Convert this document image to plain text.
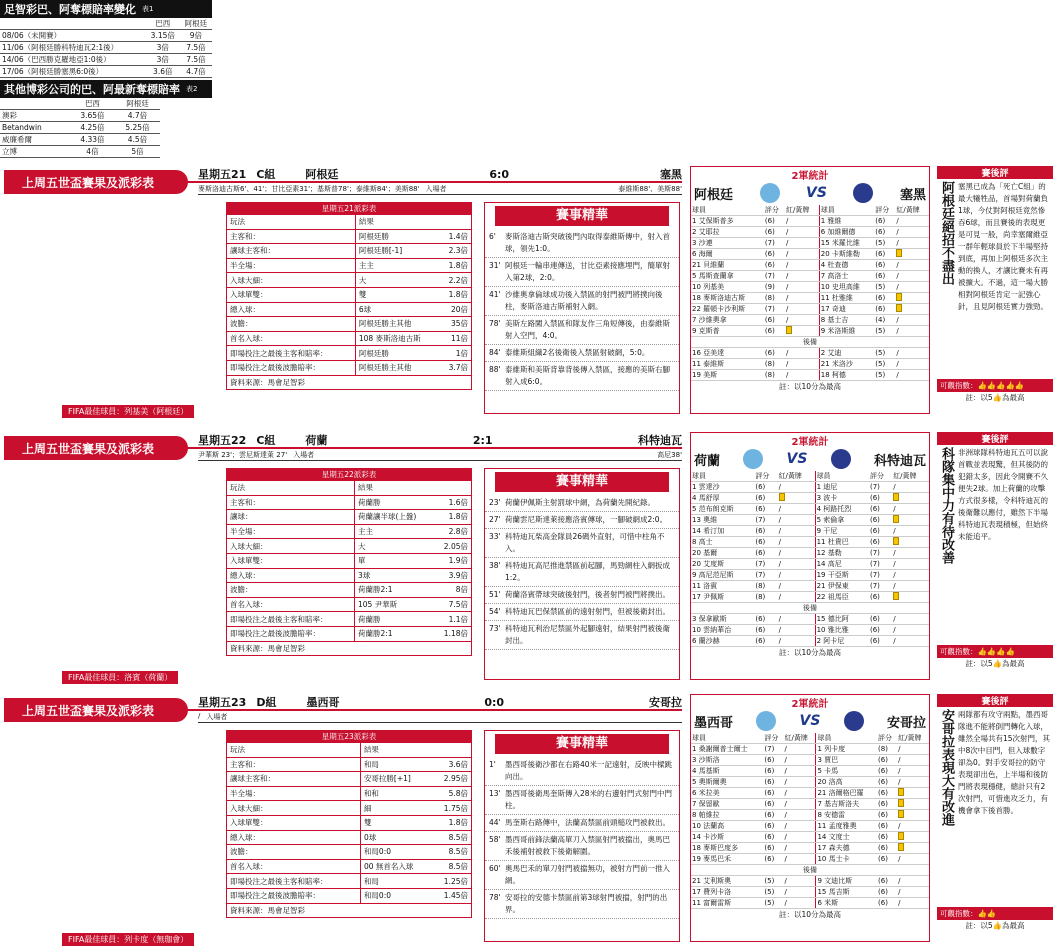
足智彩巴、阿奪標賠率變化 表1
	巴西	阿根廷
08/06（未開賽）	3.15倍	9倍
11/06（阿根廷勝科特迪瓦2:1後）	3倍	7.5倍
14/06（巴西勝克羅地亞1:0後）	3倍	7.5倍
17/06（阿根廷勝塞黑6:0後）	3.6倍	4.7倍
其他博彩公司的巴、阿最新奪標賠率 表2
	巴西	阿根廷
澳彩	3.65倍	4.7倍
Betandwin	4.25倍	5.25倍
威廉希爾	4.33倍	4.5倍
立博	4倍	5倍
上周五世盃賽果及派彩表
星期五21 C組	阿根廷	6:0	塞黑
麥斯洛迪古斯6'、41'；甘比亞素31'；基斯普78'；泰維斯84'；美斯88' 入場者	泰維斯88'、美斯88'
FIFA最佳球員：列基美（阿根廷）
星期五21派彩表		
玩法	結果	
主客和：	阿根廷勝	1.4倍
讓球主客和：	阿根廷勝[-1]	2.3倍
半全場：	主主	1.8倍
入球大細：	大	2.2倍
入球單雙：	雙	1.8倍
總入球：	6球	20倍
波膽：	阿根廷勝主其他	35倍
首名入球：	108 麥斯洛迪古斯	11倍
即場投注之最後主客和賠率：	阿根廷勝	1倍
即場投注之最後波膽賠率：	阿根廷勝主其他	3.7倍
資料來源：馬會足智彩		
賽事精華
6'	麥斯洛迪古斯突破後門內取得泰維斯傳中，射入首球，領先1:0。
31' 阿根廷一輪串連傳送，甘比亞素接應埋門，簡單射入第2球，2:0。
41' 沙維奧拿倫球成功後入禁區的射門被門將撲向後柱，麥斯洛迪古斯補射入網。
78' 美斯左路闖入禁區和隊友作三角短傳後，由泰維斯射入空門，4:0。
84' 泰維斯組織2名後衛後入禁區射破網，5:0。
88' 泰維斯和美斯背靠背後傳入禁區，接應的美斯右腳射入成6:0。
2軍統計
阿根廷	VS	塞黑
球員	評分	紅/黃牌	球員	評分	紅/黃牌
1 艾保斯普多	(6)	/	1 雅維	(6)	/
2 艾耶拉	(6)	/	6 加維爾德	(6)	/
3 沙連	(7)	/	15 米羅比維	(5)	/
6 海爾	(6)	/	20 卡斯維勒	(6)	
21 貝維蘭	(6)	/	4 杜查德	(6)	/
5 馬斯查蘭拿	(7)	/	7 高洛士	(6)	/
10 列基美	(9)	/	10 史坦高維	(5)	/
18 麥斯洛迪古斯	(8)	/	11 杜雅維	(6)	
22 羅頓卡沙利斯	(7)	/	17 奇迪	(6)	
7 沙維奧拿	(6)	/	8 基士吉	(4)	/
9 克斯普	(6)		9 米洛斯維	(5)	/
後備					
16 亞美達	(6)	/	2 艾迪	(5)	/
11 泰維斯	(8)	/	21 米洛沙	(5)	/
19 美斯	(8)	/	18 柯德	(5)	/
註：以10分為最高
賽後評
阿根廷絕招不盡出 塞黑已成為「死亡C組」的最大犧牲品，首場對荷蘭負1球，今仗對阿根廷竟然慘吞6球，而且賽後的表現更是可見一般，尚幸塞爾維亞一群年輕球員於下半場堅持到底，再加上阿根廷多次主動的換人，才讓比賽未有再被擴大。不過，這一場大勝相對阿根廷肯定一記強心針，且見阿根廷實力強勁。
可觀指數：👍👍👍👍👍
註：以5👍為最高
上周五世盃賽果及派彩表
星期五22 C組	荷蘭	2:1	科特迪瓦
尹華斯 23'；雲尼斯達萊 27' 入場者	高尼38'
FIFA最佳球員：洛賓（荷蘭）
星期五22派彩表		
玩法	結果	
主客和：	荷蘭勝	1.6倍
讓球：	荷蘭讓半球(上盤)	1.8倍
半全場：	主主	2.8倍
入球大細：	大	2.05倍
入球單雙：	單	1.9倍
總入球：	3球	3.9倍
波膽：	荷蘭勝2:1	8倍
首名入球：	105 尹華斯	7.5倍
即場投注之最後主客和賠率：	荷蘭勝	1.1倍
即場投注之最後波膽賠率：	荷蘭勝2:1	1.18倍
資料來源：馬會足智彩		
賽事精華
23' 荷蘭伊佩斯主射罰球中網，為荷蘭先開紀錄。
27' 荷蘭雲尼斯達萊接應洛賓傳球，一腳破網成2:0。
33' 科特迪瓦柴高金隊員26碼外直射，可惜中柱角不入。
38' 科特迪瓦高尼推進禁區前起腳，馬勁網柱入網扳成1:2。
51' 荷蘭洛賓帶球突破後射門，後者射門被門將撲出。
54' 科特迪瓦巴保禁區前的遠射射門，但被後衛封出。
73' 科特迪瓦利治尼禁區外起腳遠射，結果射門被後衛封出。
2軍統計
荷蘭	VS	科特迪瓦
球員	評分	紅/黃牌	球員	評分	紅/黃牌
1 雲達沙	(6)	/	1 迪尼	(7)	/
4 馬舒厚	(6)		3 波卡	(6)	
5 范布朗克斯	(6)	/	4 柯路托烈	(6)	/
13 奧維	(7)	/	5 索倫拿	(6)	
14 希汀加	(6)	/	9 干尼	(6)	/
8 高士	(6)	/	11 杜貴巴	(6)	
20 基爾	(6)	/	12 基勒	(7)	/
20 艾度斯	(7)	/	14 高尼	(7)	/
9 高尼范尼斯	(7)	/	19 干亞斯	(7)	/
11 洛賓	(8)	/	21 伊保東	(7)	/
17 尹佩斯	(8)	/	22 祖馬臣	(6)	
後備					
3 保拿歐斯	(6)	/	15 德比阿	(6)	/
10 雲納華治	(6)	/	10 雅比雅	(6)	/
6 蘭沙赫	(6)	/	2 阿卡尼	(6)	/
註：以10分為最高
賽後評
科隊集中力有待改善 非洲球隊科特迪瓦五可以說首戰並表現驚，但其後防的犯錯太多，因此令開賽不久便失2球。加上荷蘭的攻擊方式很多樣，令科特迪瓦的後衛難以應付，雖然下半場科特迪瓦表現積極，但始終未能追平。
可觀指數：👍👍👍👍
註：以5👍為最高
上周五世盃賽果及派彩表
星期五23 D組	墨西哥	0:0	安哥拉
/ 入場者
FIFA最佳球員：列卡度（無珈會）
星期五23派彩表		
玩法	結果	
主客和：	和局	3.6倍
讓球主客和：	安哥拉勝[+1]	2.95倍
半全場：	和和	5.8倍
入球大細：	細	1.75倍
入球單雙：	雙	1.8倍
總入球：	0球	8.5倍
波膽：	和局0:0	8.5倍
首名入球：	00 無首名入球	8.5倍
即場投注之最後主客和賠率：	和局	1.25倍
即場投注之最後波膽賠率：	和局0:0	1.45倍
資料來源：馬會足智彩		
賽事精華
1'	墨西哥後衛沙都在右路40米一記遠射，反映中樑跳向出。
13' 墨西哥後衛馬奎斯傳入28米的右邊射門式射門中門柱。
44' 馬奎斯右路傳中，法蘭高禁區前頭槌攻門被救出。
58' 墨西哥前鋒法蘭高單刀入禁區射門被擋出，奧馬巴禾後補射被救下後衛解圍。
60' 奧馬巴禾的單刀射門被擋無功，被射方門前一推入網。
78' 安哥拉的安德卡禁區前第3球射門被擋，射門的出界。
2軍統計
墨西哥	VS	安哥拉
球員	評分	紅/黃牌	球員	評分	紅/黃牌
1 桑謝爾普士爾士	(7)	/	1 列卡度	(8)	/
3 沙斯洛	(6)	/	3 賈巴	(6)	/
4 馬基斯	(6)	/	5 卡馬	(6)	/
5 奧斯爾奧	(6)	/	20 洛高	(6)	/
6 米拉美	(6)	/	21 洛爾格巴羅	(6)	
7 保留歐	(6)	/	7 基吉斯洛夫	(6)	
8 帕維拉	(6)	/	8 安德雷	(6)	
10 法蘭高	(6)	/	11 孟度雅奧	(6)	/
14 卡沙斯	(6)	/	14 文度士	(6)	
18 麥斯巴度多	(6)	/	17 森夫德	(6)	
19 麥馬巴禾	(6)	/	10 馬士卡	(6)	/
後備					
21 艾利斯奧	(5)	/	9 文迪比斯	(6)	/
17 費列卡洛	(5)	/	15 馬吉斯	(6)	/
11 富爾雷斯	(5)	/	6 米斯	(6)	/
註：以10分為最高
賽後評
安哥拉表現大有改進 兩隊都有攻守兩點，墨西哥隊進不能將倒門轉化入球，雖然全場共有15次射門，其中8次中目門，但入球數字卻為0。對手安哥拉的防守表現卻出色，上半場和後防門將表現穩健，總計只有2次射門，可惜進攻乏力，有機會拿下後首勝。
可觀指數：👍👍
註：以5👍為最高
